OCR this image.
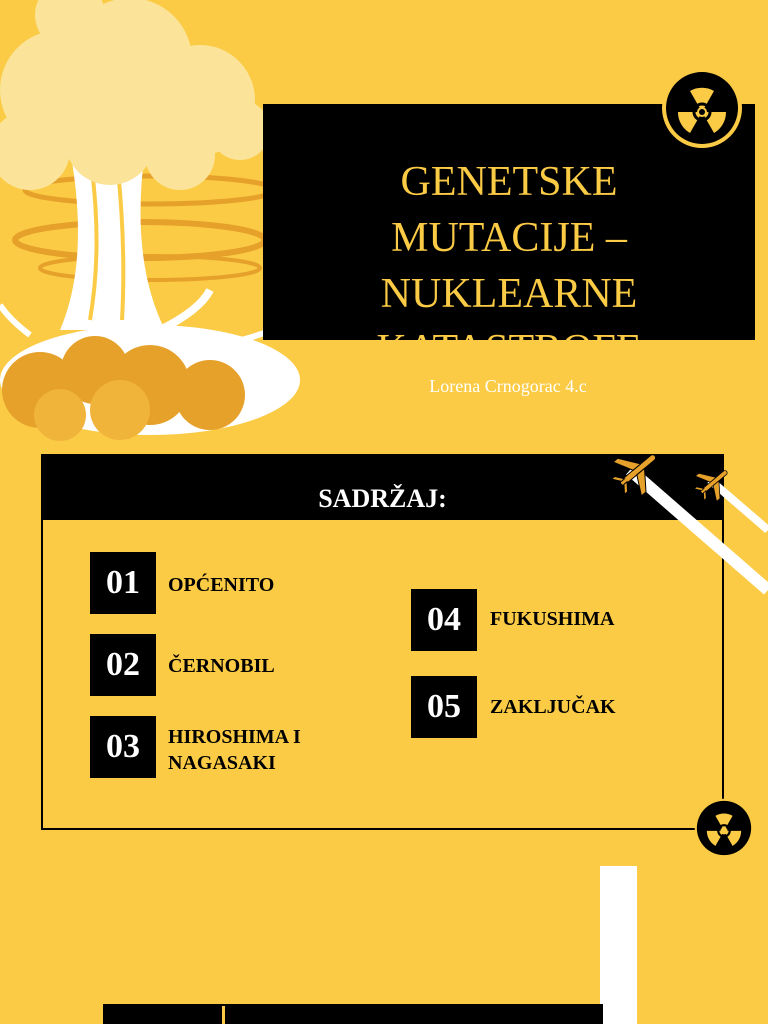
GENETSKE
MUTACIJE –
NUKLEARNE
KATASTROFE
Lorena Crnogorac 4.c
SADRŽAJ:
01	OPĆENITO
02	ČERNOBIL
03	HIROSHIMA I NAGASAKI
04	FUKUSHIMA
05	ZAKLJUČAK
